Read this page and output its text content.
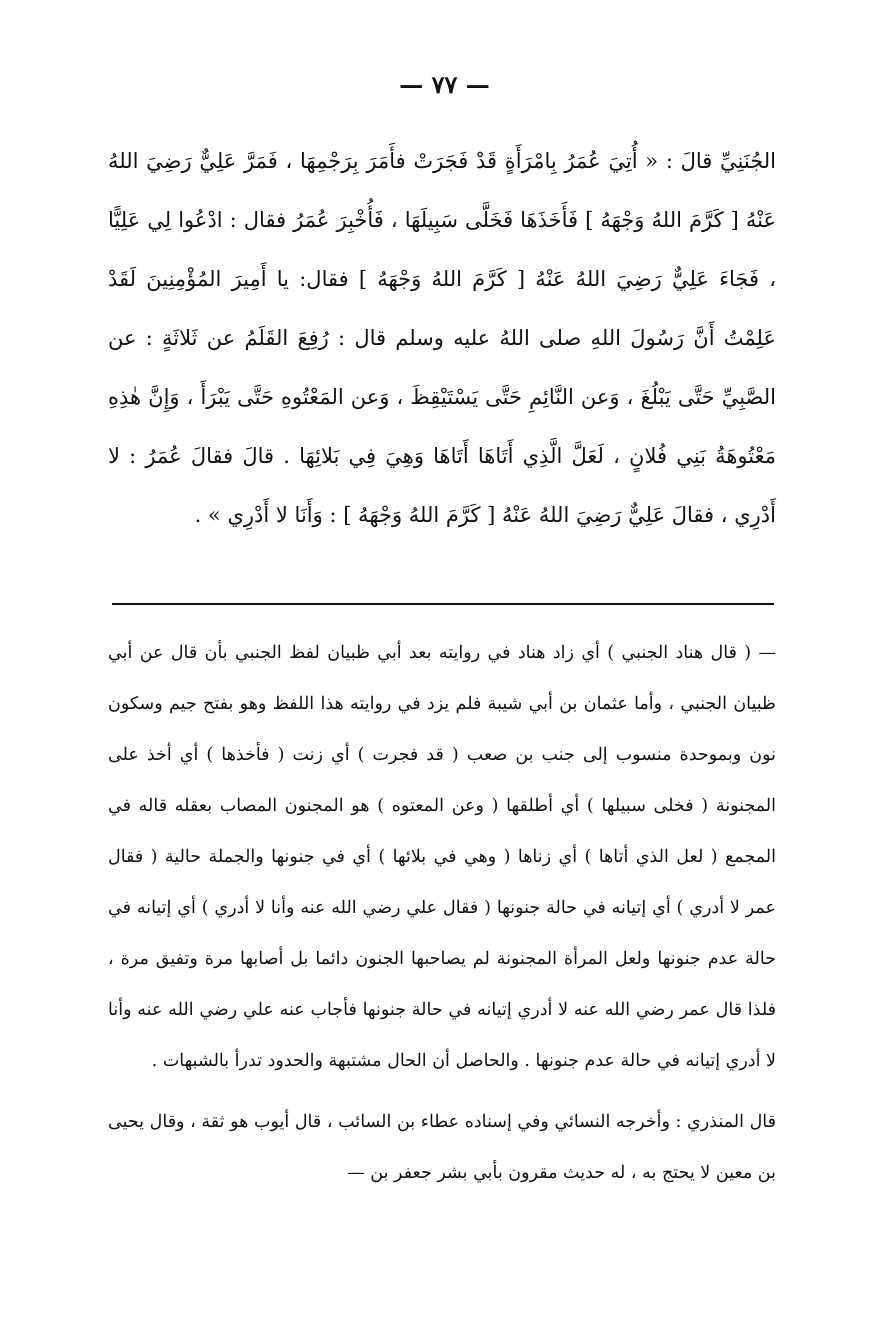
— ٧٧ —

الجُنَنِيِّ قالَ : « أُتِيَ عُمَرُ بِامْرَأَةٍ قَدْ فَجَرَتْ فأَمَرَ بِرَجْمِهَا ، فَمَرَّ عَلِيٌّ رَضِيَ اللهُ عَنْهُ [ كَرَّمَ اللهُ وَجْهَهُ ] فَأَخَذَهَا فَخَلَّى سَبِيلَهَا ، فَأُخْبِرَ عُمَرُ فقال : ادْعُوا لِي عَلِيًّا ، فَجَاءَ عَلِيٌّ رَضِيَ اللهُ عَنْهُ [ كَرَّمَ اللهُ وَجْهَهُ ] فقال: يا أَمِيرَ المُؤْمِنِينَ لَقَدْ عَلِمْتُ أَنَّ رَسُولَ اللهِ صلى اللهُ عليه وسلم قال : رُفِعَ القَلَمُ عن ثَلاثَةٍ : عن الصَّبِيِّ حَتَّى يَبْلُغَ ، وَعن النَّائِمِ حَتَّى يَسْتَيْقِظَ ، وَعن المَعْتُوهِ حَتَّى يَبْرَأَ ، وَإِنَّ هٰذِهِ مَعْتُوهَةُ بَنِي فُلانٍ ، لَعَلَّ الَّذِي أَتَاهَا أَتَاهَا وَهِيَ فِي بَلائِهَا . قالَ فقالَ عُمَرُ : لا أَدْرِي ، فقالَ عَلِيٌّ رَضِيَ اللهُ عَنْهُ [ كَرَّمَ اللهُ وَجْهَهُ ] : وَأَنَا لا أَدْرِي » .

— ( قال هناد الجنبي ) أي زاد هناد في روايته بعد أبي ظبيان لفظ الجنبي بأن قال عن أبي ظبيان الجنبي ، وأما عثمان بن أبي شيبة فلم يزد في روايته هذا اللفظ وهو بفتح جيم وسكون نون وبموحدة منسوب إلى جنب بن صعب ( قد فجرت ) أي زنت ( فأخذها ) أي أخذ على المجنونة ( فخلى سبيلها ) أي أطلقها ( وعن المعتوه ) هو المجنون المصاب بعقله قاله في المجمع ( لعل الذي أتاها ) أي زناها ( وهي في بلائها ) أي في جنونها والجملة حالية ( فقال عمر لا أدري ) أي إتيانه في حالة جنونها ( فقال علي رضي الله عنه وأنا لا أدري ) أي إتيانه في حالة عدم جنونها ولعل المرأة المجنونة لم يصاحبها الجنون دائما بل أصابها مرة وتفيق مرة ، فلذا قال عمر رضي الله عنه لا أدري إتيانه في حالة جنونها فأجاب عنه علي رضي الله عنه وأنا لا أدري إتيانه في حالة عدم جنونها . والحاصل أن الحال مشتبهة والحدود تدرأ بالشبهات .

قال المنذري : وأخرجه النسائي وفي إسناده عطاء بن السائب ، قال أيوب هو ثقة ، وقال يحيى بن معين لا يحتج به ، له حديث مقرون بأبي بشر جعفر بن —
